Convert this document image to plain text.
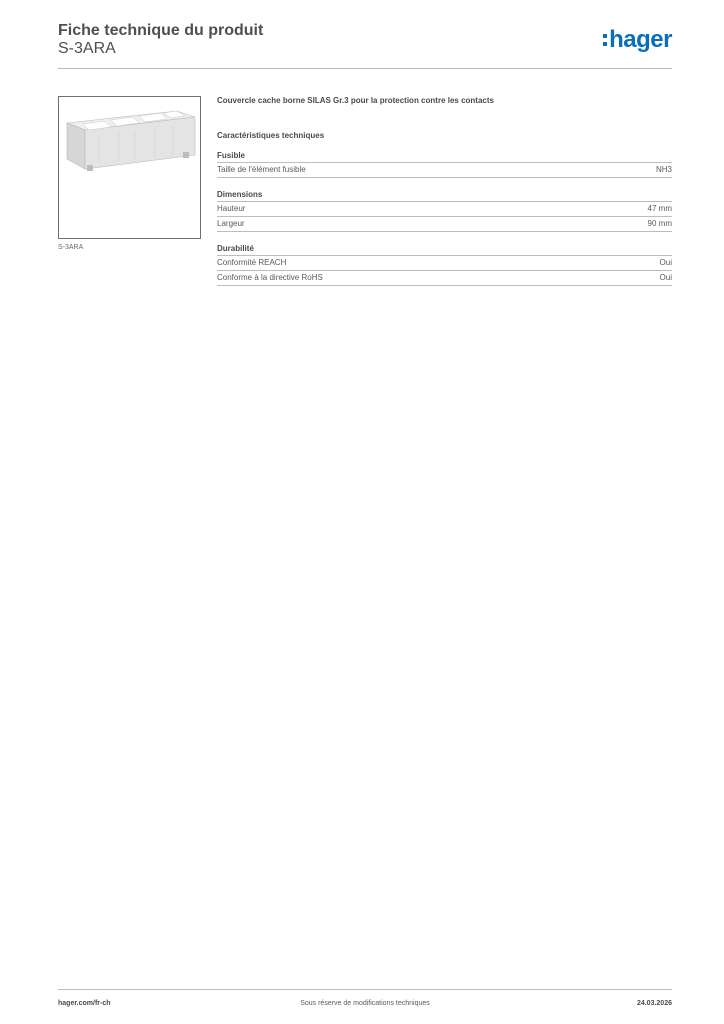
Fiche technique du produit
S-3ARA	hager
S-3ARA
Couvercle cache borne SILAS Gr.3 pour la protection contre les contacts
Caractéristiques techniques
Fusible
Taille de l'élément fusible	NH3
Dimensions
Hauteur	47 mm
Largeur	90 mm
Durabilité
Conformité REACH	Oui
Conforme à la directive RoHS	Oui
hager.com/fr-ch	Sous réserve de modifications techniques	24.03.2026
